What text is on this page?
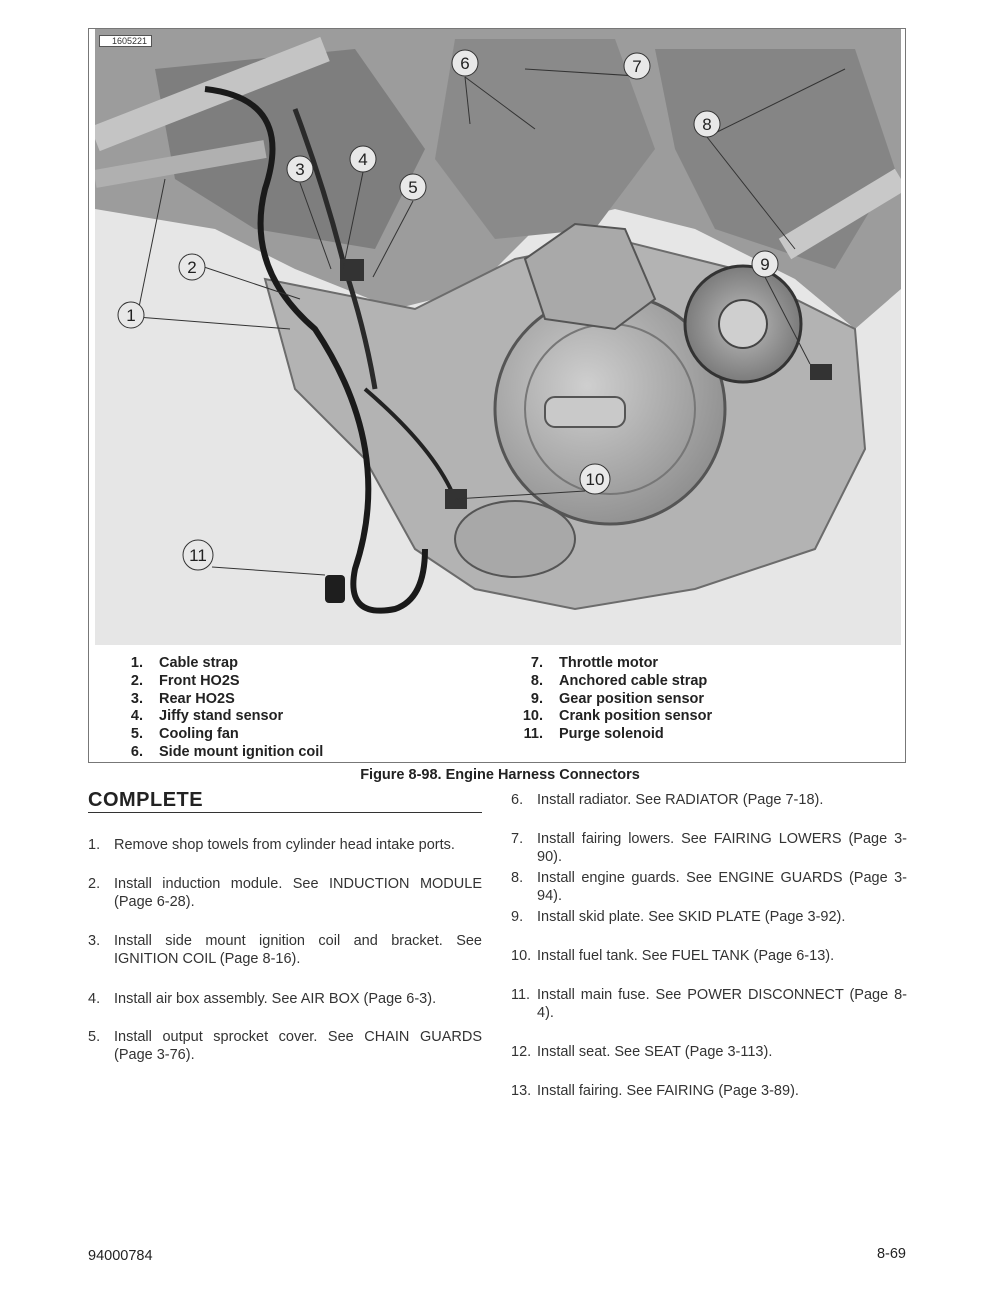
1
2
3
4
5
6	7
8
9
10
11
1605221
1. Cable strap
2. Front HO2S
3. Rear HO2S
4. Jiffy stand sensor
5. Cooling fan
6. Side mount ignition coil
7. Throttle motor
8. Anchored cable strap
9. Gear position sensor
10. Crank position sensor
11. Purge solenoid
Figure 8-98. Engine Harness Connectors
COMPLETE
1. Remove shop towels from cylinder head intake ports.
2. Install induction module. See INDUCTION MODULE (Page 6-28).
3. Install side mount ignition coil and bracket. See IGNITION COIL (Page 8-16).
4. Install air box assembly. See AIR BOX (Page 6-3).
5. Install output sprocket cover. See CHAIN GUARDS (Page 3-76).
6. Install radiator. See RADIATOR (Page 7-18).
7. Install fairing lowers. See FAIRING LOWERS (Page 3-90).
8. Install engine guards. See ENGINE GUARDS (Page 3-94).
9. Install skid plate. See SKID PLATE (Page 3-92).
10. Install fuel tank. See FUEL TANK (Page 6-13).
11. Install main fuse. See POWER DISCONNECT (Page 8-4).
12. Install seat. See SEAT (Page 3-113).
13. Install fairing. See FAIRING (Page 3-89).
94000784	8-69
